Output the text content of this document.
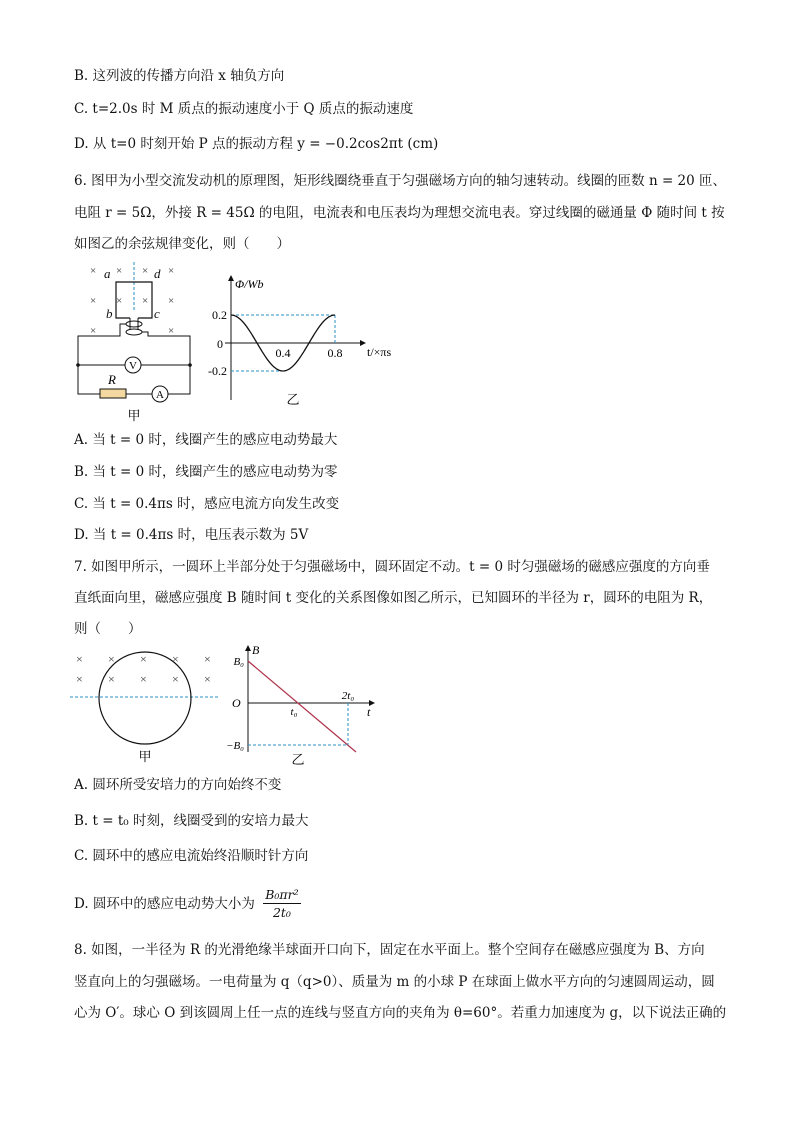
B. 这列波的传播方向沿 x 轴负方向
C. t=2.0s 时 M 质点的振动速度小于 Q 质点的振动速度
D. 从 t=0 时刻开始 P 点的振动方程 y = −0.2cos2πt (cm)
6. 图甲为小型交流发动机的原理图，矩形线圈绕垂直于匀强磁场方向的轴匀速转动。线圈的匝数 n = 20 匝、
电阻 r = 5Ω，外接 R = 45Ω 的电阻，电流表和电压表均为理想交流电表。穿过线圈的磁通量 Φ 随时间 t 按
如图乙的余弦规律变化，则（　　）
× × × ×
× × × ×
×	×
a	d
b	c
V
R
A
甲
Φ/Wb
t/×πs
0
0.4	0.8
0.2
-0.2
乙
A. 当 t = 0 时，线圈产生的感应电动势最大
B. 当 t = 0 时，线圈产生的感应电动势为零
C. 当 t = 0.4πs 时，感应电流方向发生改变
D. 当 t = 0.4πs 时，电压表示数为 5V
7. 如图甲所示，一圆环上半部分处于匀强磁场中，圆环固定不动。t = 0 时匀强磁场的磁感应强度的方向垂
直纸面向里，磁感应强度 B 随时间 t 变化的关系图像如图乙所示，已知圆环的半径为 r，圆环的电阻为 R，
则（　　）
× × × × ×
× × × × ×
甲
B
t
O
B₀
−B₀
t₀
2t₀
乙
A. 圆环所受安培力的方向始终不变
B. t = t₀ 时刻，线圈受到的安培力最大
C. 圆环中的感应电流始终沿顺时针方向
D. 圆环中的感应电动势大小为 $\frac{\text{B₀πr²}}{\text{2t₀}}$
8. 如图，一半径为 R 的光滑绝缘半球面开口向下，固定在水平面上。整个空间存在磁感应强度为 B、方向
竖直向上的匀强磁场。一电荷量为 q（q>0）、质量为 m 的小球 P 在球面上做水平方向的匀速圆周运动，圆
心为 O′。球心 O 到该圆周上任一点的连线与竖直方向的夹角为 θ=60°。若重力加速度为 g，以下说法正确的
